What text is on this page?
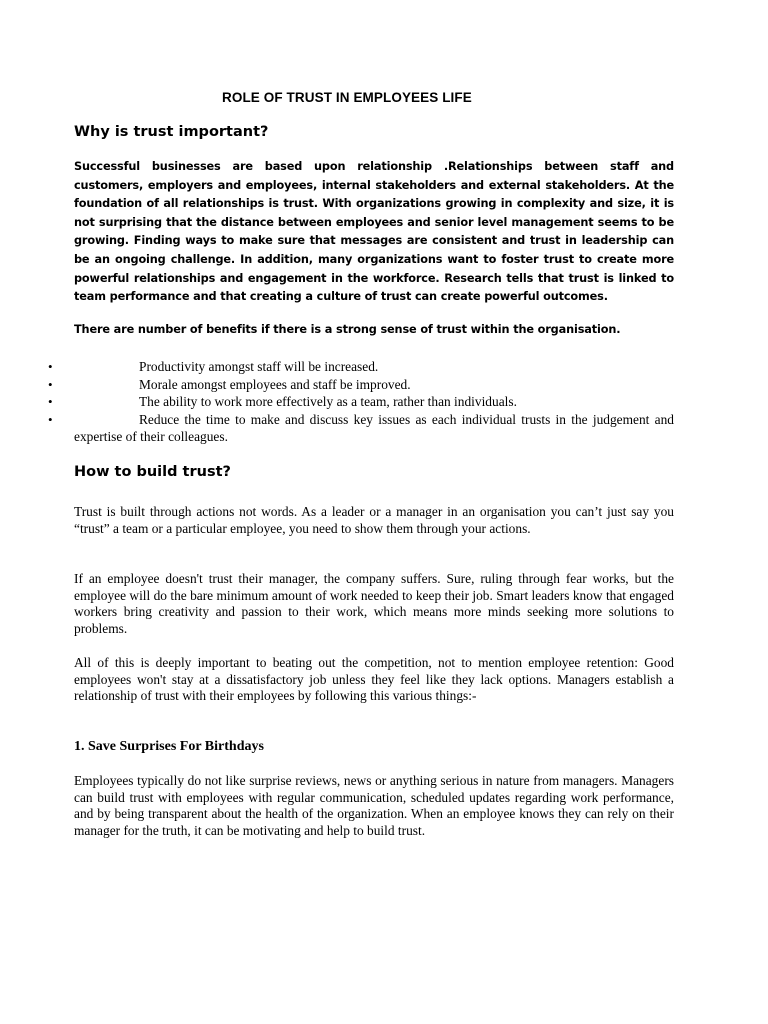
ROLE OF TRUST IN EMPLOYEES LIFE
Why is trust important?

Successful businesses are based upon relationship .Relationships between staff and customers, employers and employees, internal stakeholders and external stakeholders. At the foundation of all relationships is trust. With organizations growing in complexity and size, it is not surprising that the distance between employees and senior level management seems to be growing. Finding ways to make sure that messages are consistent and trust in leadership can be an ongoing challenge. In addition, many organizations want to foster trust to create more powerful relationships and engagement in the workforce. Research tells that trust is linked to team performance and that creating a culture of trust can create powerful outcomes.

There are number of benefits if there is a strong sense of trust within the organisation.

•	Productivity amongst staff will be increased.
•	Morale amongst employees and staff be improved.
•	The ability to work more effectively as a team, rather than individuals.
•	Reduce the time to make and discuss key issues as each individual trusts in the judgement and expertise of their colleagues.
How to build trust?

Trust is built through actions not words. As a leader or a manager in an organisation you can’t just say you “trust” a team or a particular employee, you need to show them through your actions.

If an employee doesn't trust their manager, the company suffers. Sure, ruling through fear works, but the employee will do the bare minimum amount of work needed to keep their job. Smart leaders know that engaged workers bring creativity and passion to their work, which means more minds seeking more solutions to problems.

All of this is deeply important to beating out the competition, not to mention employee retention: Good employees won't stay at a dissatisfactory job unless they feel like they lack options. Managers establish a relationship of trust with their employees by following this various things:-

1. Save Surprises For Birthdays

Employees typically do not like surprise reviews, news or anything serious in nature from managers. Managers can build trust with employees with regular communication, scheduled updates regarding work performance, and by being transparent about the health of the organization. When an employee knows they can rely on their manager for the truth, it can be motivating and help to build trust.
